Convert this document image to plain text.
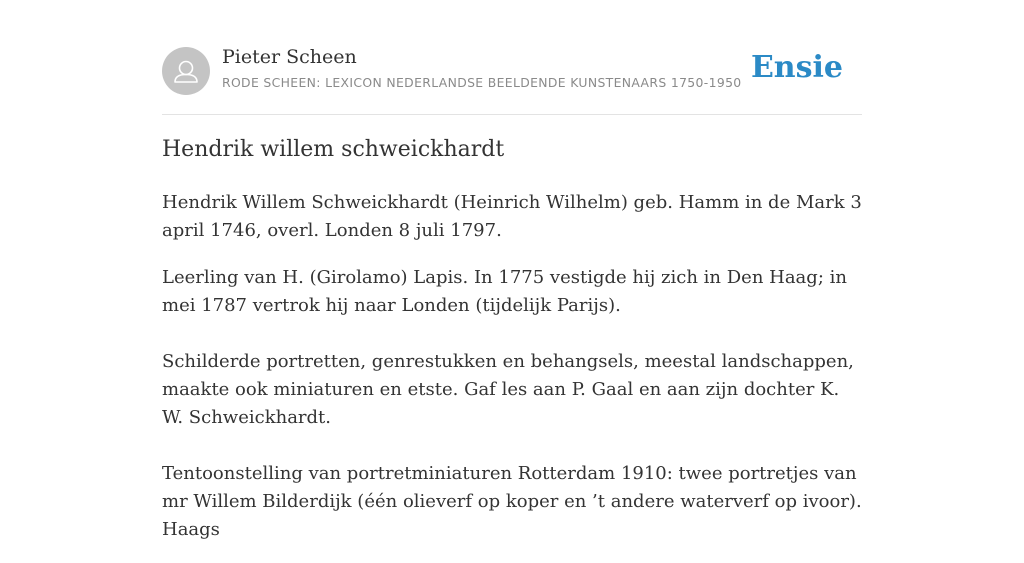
Pieter Scheen
RODE SCHEEN: LEXICON NEDERLANDSE BEELDENDE KUNSTENAARS 1750-1950 Ensie
Hendrik willem schweickhardt

Hendrik Willem Schweickhardt (Heinrich Wilhelm) geb. Hamm in de Mark 3 april 1746, overl. Londen 8 juli 1797.

Leerling van H. (Girolamo) Lapis. In 1775 vestigde hij zich in Den Haag; in mei 1787 vertrok hij naar Londen (tijdelijk Parijs).

Schilderde portretten, genrestukken en behangsels, meestal landschappen, maakte ook miniaturen en etste. Gaf les aan P. Gaal en aan zijn dochter K. W. Schweickhardt.

Tentoonstelling van portretminiaturen Rotterdam 1910: twee portretjes van mr Willem Bilderdijk (één olieverf op koper en ’t andere waterverf op ivoor). Haags
